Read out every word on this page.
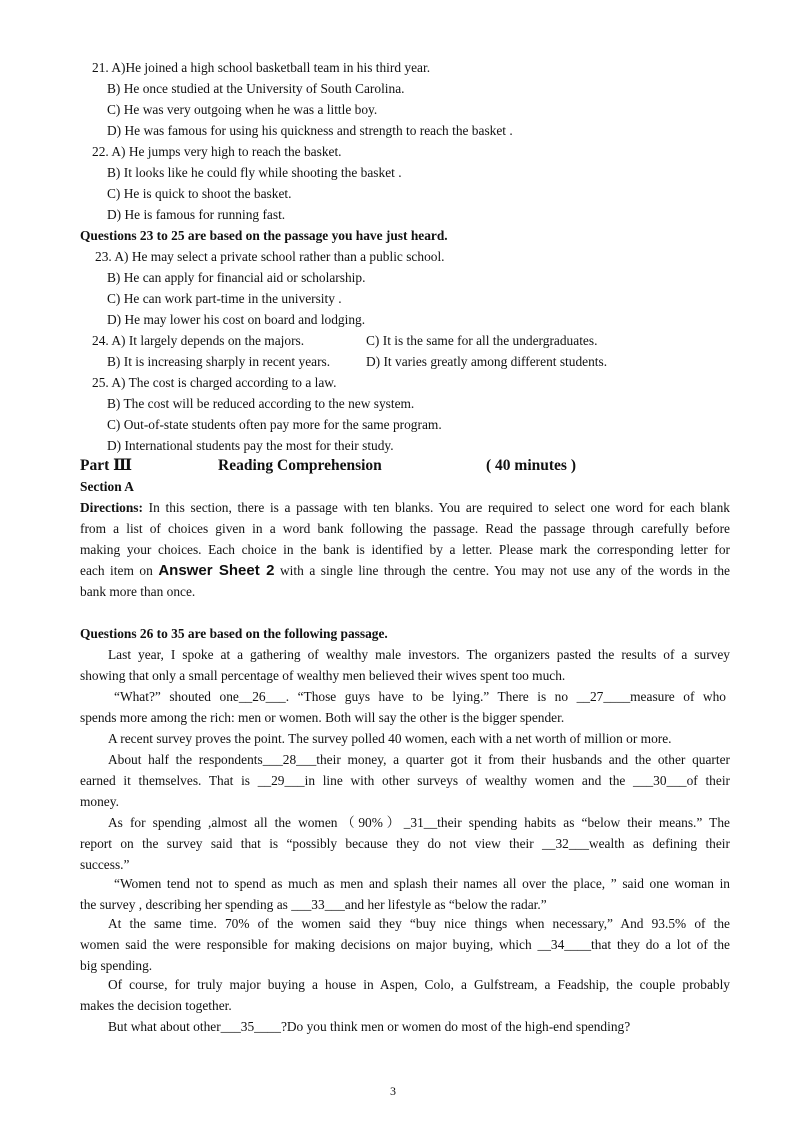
21. A)He joined a high school basketball team in his third year.
B) He once studied at the University of South Carolina.
C) He was very outgoing when he was a little boy.
D) He was famous for using his quickness and strength to reach the basket .
22. A) He jumps very high to reach the basket.
B) It looks like he could fly while shooting the basket .
C) He is quick to shoot the basket.
D) He is famous for running fast.
Questions 23 to 25 are based on the passage you have just heard.
23. A) He may select a private school rather than a public school.
B) He can apply for financial aid or scholarship.
C) He can work part-time in the university .
D) He may lower his cost on board and lodging.
24. A) It largely depends on the majors.	C) It is the same for all the undergraduates.
B) It is increasing sharply in recent years.	D) It varies greatly among different students.
25. A) The cost is charged according to a law.
B) The cost will be reduced according to the new system.
C) Out-of-state students often pay more for the same program.
D) International students pay the most for their study.
Part Ⅲ	Reading Comprehension	( 40 minutes )
Section A
Directions: In this section, there is a passage with ten blanks. You are required to select one word for each blank
from a list of choices given in a word bank following the passage. Read the passage through carefully before
making your choices. Each choice in the bank is identified by a letter. Please mark the corresponding letter for
each item on Answer Sheet 2 with a single line through the centre. You may not use any of the words in the
bank more than once.
Questions 26 to 35 are based on the following passage.
Last year, I spoke at a gathering of wealthy male investors. The organizers pasted the results of a survey
showing that only a small percentage of wealthy men believed their wives spent too much.
“What?” shouted one__26___. “Those guys have to be lying.” There is no __27____measure of who
spends more among the rich: men or women. Both will say the other is the bigger spender.
A recent survey proves the point. The survey polled 40 women, each with a net worth of million or more.
About half the respondents___28___their money, a quarter got it from their husbands and the other quarter
earned it themselves. That is __29___in line with other surveys of wealthy women and the ___30___of their
money.
As for spending ,almost all the women（90%）_31__their spending habits as “below their means.” The
report on the survey said that is “possibly because they do not view their __32___wealth as defining their
success.”
“Women tend not to spend as much as men and splash their names all over the place, ” said one woman in
the survey , describing her spending as ___33___and her lifestyle as “below the radar.”
At the same time. 70% of the women said they “buy nice things when necessary,” And 93.5% of the
women said the were responsible for making decisions on major buying, which __34____that they do a lot of the
big spending.
Of course, for truly major buying a house in Aspen, Colo, a Gulfstream, a Feadship, the couple probably
makes the decision together.
But what about other___35____?Do you think men or women do most of the high-end spending?
3
